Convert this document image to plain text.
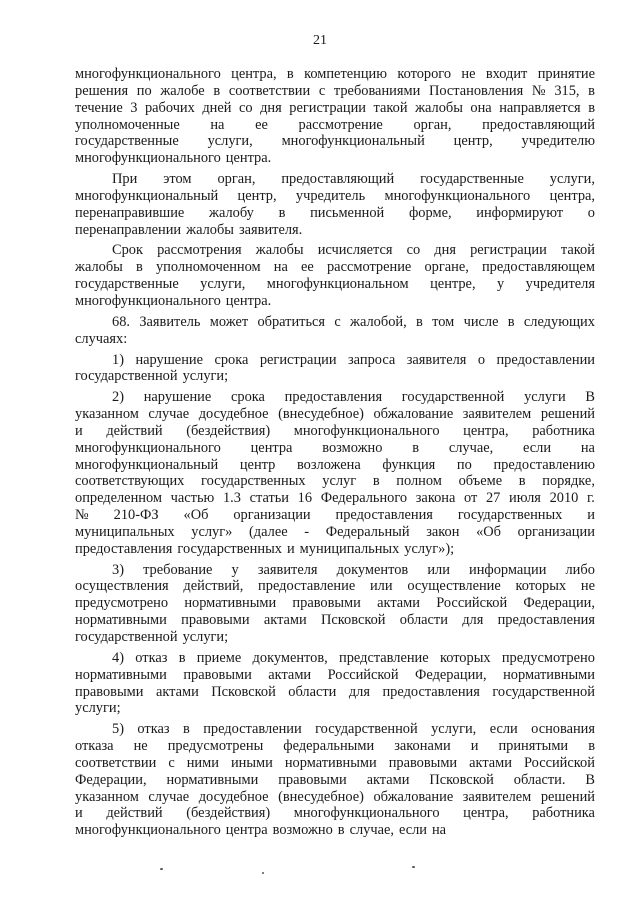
21
многофункционального центра, в компетенцию которого не входит принятие
решения по жалобе в соответствии с требованиями Постановления № 315, в
течение 3 рабочих дней со дня регистрации такой жалобы она направляется в
уполномоченные на ее рассмотрение орган, предоставляющий
государственные услуги, многофункциональный центр, учредителю
многофункционального центра.
При этом орган, предоставляющий государственные услуги,
многофункциональный центр, учредитель многофункционального центра,
перенаправившие жалобу в письменной форме, информируют о
перенаправлении жалобы заявителя.
Срок рассмотрения жалобы исчисляется со дня регистрации такой
жалобы в уполномоченном на ее рассмотрение органе, предоставляющем
государственные услуги, многофункциональном центре, у учредителя
многофункционального центра.
68. Заявитель может обратиться с жалобой, в том числе в следующих
случаях:
1) нарушение срока регистрации запроса заявителя о предоставлении
государственной услуги;
2) нарушение срока предоставления государственной услуги В
указанном случае досудебное (внесудебное) обжалование заявителем решений
и действий (бездействия) многофункционального центра, работника
многофункционального центра возможно в случае, если на
многофункциональный центр возложена функция по предоставлению
соответствующих государственных услуг в полном объеме в порядке,
определенном частью 1.3 статьи 16 Федерального закона от 27 июля 2010 г.
№ 210-ФЗ «Об организации предоставления государственных и
муниципальных услуг» (далее - Федеральный закон «Об организации
предоставления государственных и муниципальных услуг»);
3) требование у заявителя документов или информации либо
осуществления действий, предоставление или осуществление которых не
предусмотрено нормативными правовыми актами Российской Федерации,
нормативными правовыми актами Псковской области для предоставления
государственной услуги;
4) отказ в приеме документов, представление которых предусмотрено
нормативными правовыми актами Российской Федерации, нормативными
правовыми актами Псковской области для предоставления государственной
услуги;
5) отказ в предоставлении государственной услуги, если основания
отказа не предусмотрены федеральными законами и принятыми в
соответствии с ними иными нормативными правовыми актами Российской
Федерации, нормативными правовыми актами Псковской области. В
указанном случае досудебное (внесудебное) обжалование заявителем решений
и действий (бездействия) многофункционального центра, работника
многофункционального центра возможно в случае, если на
